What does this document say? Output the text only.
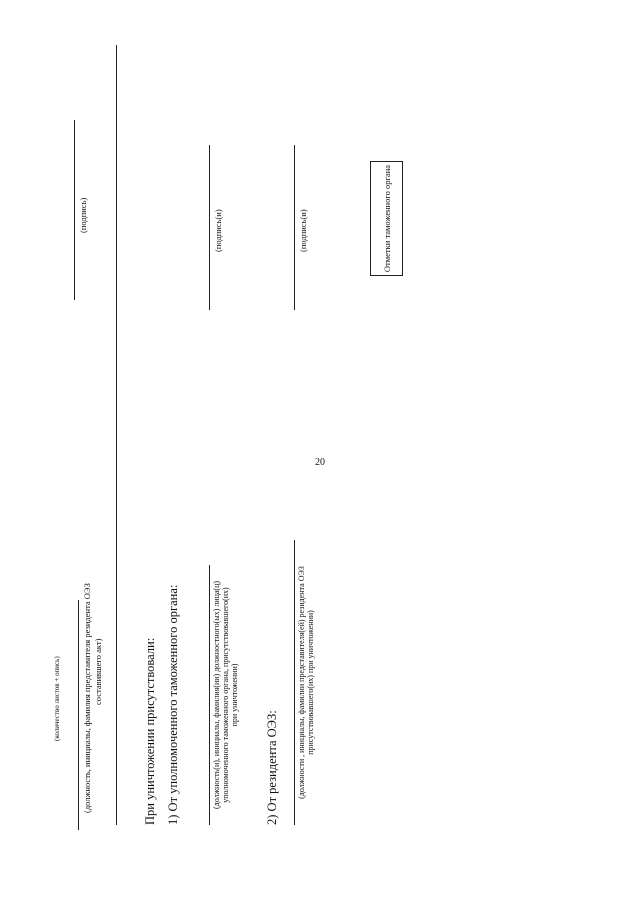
20
(количество листов + опись) (должность, инициалы, фамилия представителя резидента ОЭЗ составившего акт)
(подпись)
При уничтожении присутствовали: 1) От уполномоченного таможенного органа:	(должность(и), инициалы, фамилия(ии) должностного(ых) лица(ц) уполномоченного таможенного органа, присутствовавшего(их) при уничтожении)
(подпись(и)
2) От резидента ОЭЗ: (должности , инициалы, фамилии представителя(ей) резидента ОЭЗ присутствовавшего(их) при уничтожении)
(подпись(и)	Отметки таможенного органа
